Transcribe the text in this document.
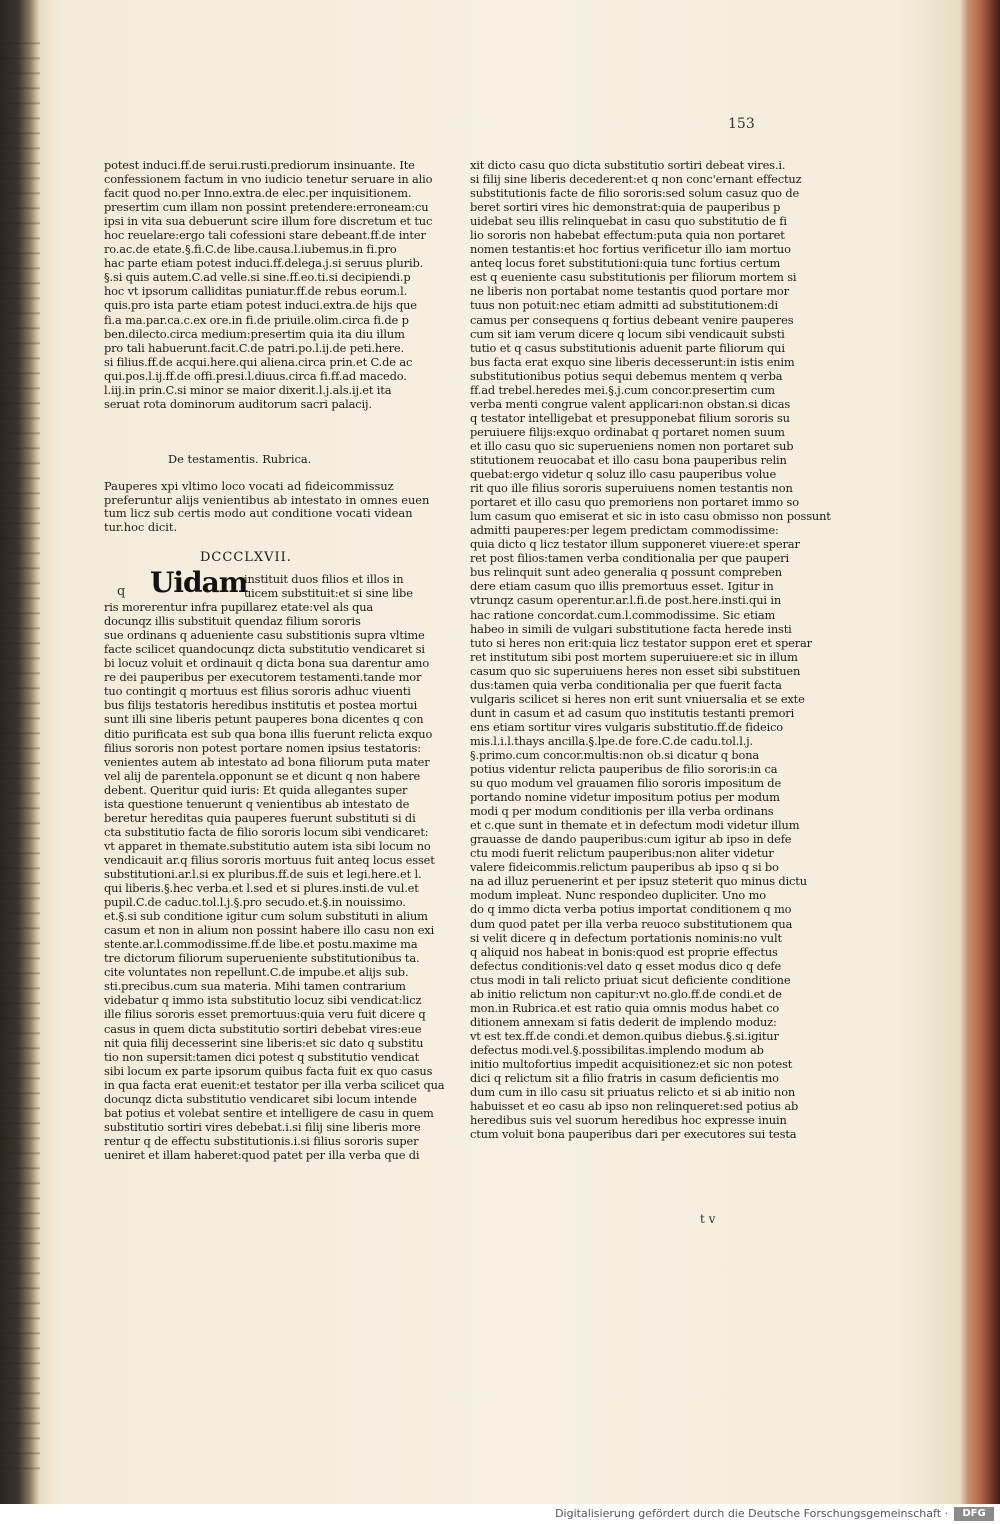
153

potest induci.ff.de serui.rusti.prediorum insinuante. Ite

confessionem factum in vno iudicio tenetur seruare in alio

facit quod no.per Inno.extra.de elec.per inquisitionem.

presertim cum illam non possint pretendere:erroneam:cu

ipsi in vita sua debuerunt scire illum fore discretum et tuc

hoc reuelare:ergo tali cofessioni stare debeant.ff.de inter

ro.ac.de etate.§.fi.C.de libe.causa.l.iubemus.in fi.pro

hac parte etiam potest induci.ff.delega.j.si seruus plurib.

§.si quis autem.C.ad velle.si sine.ff.eo.ti.si decipiendi.p

hoc vt ipsorum calliditas puniatur.ff.de rebus eorum.l.

quis.pro ista parte etiam potest induci.extra.de hijs que

fi.a ma.par.ca.c.ex ore.in fi.de priuile.olim.circa fi.de p

ben.dilecto.circa medium:presertim quia ita diu illum

pro tali habuerunt.facit.C.de patri.po.l.ij.de peti.here.

si filius.ff.de acqui.here.qui aliena.circa prin.et C.de ac

qui.pos.l.ij.ff.de offi.presi.l.diuus.circa fi.ff.ad macedo.

l.iij.in prin.C.si minor se maior dixerit.l.j.als.ij.et ita

seruat rota dominorum auditorum sacri palacij.

De testamentis. Rubrica.

Pauperes xpi vltimo loco vocati ad fideicommissuz

preferuntur alijs venientibus ab intestato in omnes euen

tum licz sub certis modo aut conditione vocati videan

tur.hoc dicit.

DCCCLXVII.
q Uidam

instituit duos filios et illos in

uicem substituit:et si sine libe

ris morerentur infra pupillarez etate:vel als qua

docunqz illis substituit quendaz filium sororis

sue ordinans q adueniente casu substitionis supra vltime

facte scilicet quandocunqz dicta substitutio vendicaret si

bi locuz voluit et ordinauit q dicta bona sua darentur amo

re dei pauperibus per executorem testamenti.tande mor

tuo contingit q mortuus est filius sororis adhuc viuenti

bus filijs testatoris heredibus institutis et postea mortui

sunt illi sine liberis petunt pauperes bona dicentes q con

ditio purificata est sub qua bona illis fuerunt relicta exquo

filius sororis non potest portare nomen ipsius testatoris:

venientes autem ab intestato ad bona filiorum puta mater

vel alij de parentela.opponunt se et dicunt q non habere

debent. Queritur quid iuris: Et quida allegantes super

ista questione tenuerunt q venientibus ab intestato de

beretur hereditas quia pauperes fuerunt substituti si di

cta substitutio facta de filio sororis locum sibi vendicaret:

vt apparet in themate.substitutio autem ista sibi locum no

vendicauit ar.q filius sororis mortuus fuit anteq locus esset

substitutioni.ar.l.si ex pluribus.ff.de suis et legi.here.et l.

qui liberis.§.hec verba.et l.sed et si plures.insti.de vul.et

pupil.C.de caduc.tol.l.j.§.pro secudo.et.§.in nouissimo.

et.§.si sub conditione igitur cum solum substituti in alium

casum et non in alium non possint habere illo casu non exi

stente.ar.l.commodissime.ff.de libe.et postu.maxime ma

tre dictorum filiorum superueniente substitutionibus ta.

cite voluntates non repellunt.C.de impube.et alijs sub.

sti.precibus.cum sua materia. Mihi tamen contrarium

videbatur q immo ista substitutio locuz sibi vendicat:licz

ille filius sororis esset premortuus:quia veru fuit dicere q

casus in quem dicta substitutio sortiri debebat vires:eue

nit quia filij decesserint sine liberis:et sic dato q substitu

tio non supersit:tamen dici potest q substitutio vendicat

sibi locum ex parte ipsorum quibus facta fuit ex quo casus

in qua facta erat euenit:et testator per illa verba scilicet qua

docunqz dicta substitutio vendicaret sibi locum intende

bat potius et volebat sentire et intelligere de casu in quem

substitutio sortiri vires debebat.i.si filij sine liberis more

rentur q de effectu substitutionis.i.si filius sororis super

ueniret et illam haberet:quod patet per illa verba que di

xit dicto casu quo dicta substitutio sortiri debeat vires.i.

si filij sine liberis decederent:et q non conc'ernant effectuz

substitutionis facte de filio sororis:sed solum casuz quo de

beret sortiri vires hic demonstrat:quia de pauperibus p

uidebat seu illis relinquebat in casu quo substitutio de fi

lio sororis non habebat effectum:puta quia non portaret

nomen testantis:et hoc fortius verificetur illo iam mortuo

anteq locus foret substitutioni:quia tunc fortius certum

est q eueniente casu substitutionis per filiorum mortem si

ne liberis non portabat nome testantis quod portare mor

tuus non potuit:nec etiam admitti ad substitutionem:di

camus per consequens q fortius debeant venire pauperes

cum sit iam verum dicere q locum sibi vendicauit substi

tutio et q casus substitutionis aduenit parte filiorum qui

bus facta erat exquo sine liberis decesserunt:in istis enim

substitutionibus potius sequi debemus mentem q verba

ff.ad trebel.heredes mei.§.j.cum concor.presertim cum

verba menti congrue valent applicari:non obstan.si dicas

q testator intelligebat et presupponebat filium sororis su

peruiuere filijs:exquo ordinabat q portaret nomen suum

et illo casu quo sic superueniens nomen non portaret sub

stitutionem reuocabat et illo casu bona pauperibus relin

quebat:ergo videtur q soluz illo casu pauperibus volue

rit quo ille filius sororis superuiuens nomen testantis non

portaret et illo casu quo premoriens non portaret immo so

lum casum quo emiserat et sic in isto casu obmisso non possunt

admitti pauperes:per legem predictam commodissime:

quia dicto q licz testator illum supponeret viuere:et sperar

ret post filios:tamen verba conditionalia per que pauperi

bus relinquit sunt adeo generalia q possunt compreben

dere etiam casum quo illis premortuus esset. Igitur in

vtrunqz casum operentur.ar.l.fi.de post.here.insti.qui in

hac ratione concordat.cum.l.commodissime. Sic etiam

habeo in simili de vulgari substitutione facta herede insti

tuto si heres non erit:quia licz testator suppon eret et sperar

ret institutum sibi post mortem superuiuere:et sic in illum

casum quo sic superuiuens heres non esset sibi substituen

dus:tamen quia verba conditionalia per que fuerit facta

vulgaris scilicet si heres non erit sunt vniuersalia et se exte

dunt in casum et ad casum quo institutis testanti premori

ens etiam sortitur vires vulgaris substitutio.ff.de fideico

mis.l.i.l.thays ancilla.§.lpe.de fore.C.de cadu.tol.l.j.

§.primo.cum concor.multis:non ob.si dicatur q bona

potius videntur relicta pauperibus de filio sororis:in ca

su quo modum vel grauamen filio sororis impositum de

portando nomine videtur impositum potius per modum

modi q per modum conditionis per illa verba ordinans

et c.que sunt in themate et in defectum modi videtur illum

grauasse de dando pauperibus:cum igitur ab ipso in defe

ctu modi fuerit relictum pauperibus:non aliter videtur

valere fideicommis.relictum pauperibus ab ipso q si bo

na ad illuz peruenerint et per ipsuz steterit quo minus dictu

modum impleat. Nunc respondeo dupliciter. Uno mo

do q immo dicta verba potius importat conditionem q mo

dum quod patet per illa verba reuoco substitutionem qua

si velit dicere q in defectum portationis nominis:no vult

q aliquid nos habeat in bonis:quod est proprie effectus

defectus conditionis:vel dato q esset modus dico q defe

ctus modi in tali relicto priuat sicut deficiente conditione

ab initio relictum non capitur:vt no.glo.ff.de condi.et de

mon.in Rubrica.et est ratio quia omnis modus habet co

ditionem annexam si fatis dederit de implendo moduz:

vt est tex.ff.de condi.et demon.quibus diebus.§.si.igitur

defectus modi.vel.§.possibilitas.implendo modum ab

initio multofortius impedit acquisitionez:et sic non potest

dici q relictum sit a filio fratris in casum deficientis mo

dum cum in illo casu sit priuatus relicto et si ab initio non

habuisset et eo casu ab ipso non relinqueret:sed potius ab

heredibus suis vel suorum heredibus hoc expresse inuin

ctum voluit bona pauperibus dari per executores sui testa

t v
Digitalisierung gefördert durch die Deutsche Forschungsgemeinschaft ·	DFG
